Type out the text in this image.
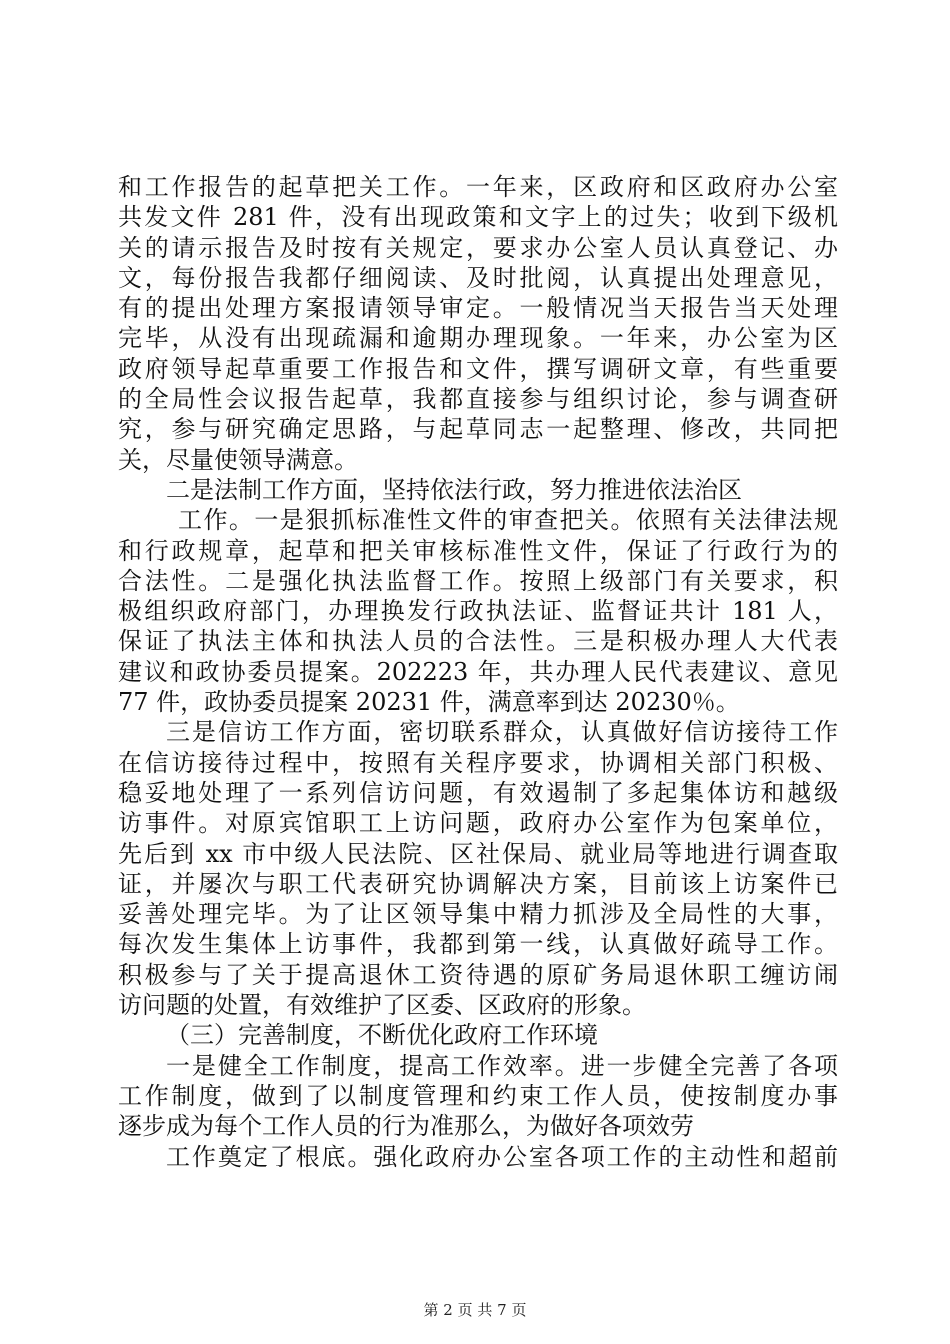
和工作报告的起草把关工作。一年来，区政府和区政府办公室
共发文件 281 件，没有出现政策和文字上的过失；收到下级机
关的请示报告及时按有关规定，要求办公室人员认真登记、办
文，每份报告我都仔细阅读、及时批阅，认真提出处理意见，
有的提出处理方案报请领导审定。一般情况当天报告当天处理
完毕，从没有出现疏漏和逾期办理现象。一年来，办公室为区
政府领导起草重要工作报告和文件，撰写调研文章，有些重要
的全局性会议报告起草，我都直接参与组织讨论，参与调查研
究，参与研究确定思路，与起草同志一起整理、修改，共同把
关，尽量使领导满意。
二是法制工作方面，坚持依法行政，努力推进依法治区
工作。一是狠抓标准性文件的审查把关。依照有关法律法规
和行政规章，起草和把关审核标准性文件，保证了行政行为的
合法性。二是强化执法监督工作。按照上级部门有关要求，积
极组织政府部门，办理换发行政执法证、监督证共计 181 人，
保证了执法主体和执法人员的合法性。三是积极办理人大代表
建议和政协委员提案。202223 年，共办理人民代表建议、意见
77 件，政协委员提案 20231 件，满意率到达 20230％。
三是信访工作方面，密切联系群众，认真做好信访接待工作
在信访接待过程中，按照有关程序要求，协调相关部门积极、
稳妥地处理了一系列信访问题，有效遏制了多起集体访和越级
访事件。对原宾馆职工上访问题，政府办公室作为包案单位，
先后到 xx 市中级人民法院、区社保局、就业局等地进行调查取
证，并屡次与职工代表研究协调解决方案，目前该上访案件已
妥善处理完毕。为了让区领导集中精力抓涉及全局性的大事，
每次发生集体上访事件，我都到第一线，认真做好疏导工作。
积极参与了关于提高退休工资待遇的原矿务局退休职工缠访闹
访问题的处置，有效维护了区委、区政府的形象。
（三）完善制度，不断优化政府工作环境
一是健全工作制度，提高工作效率。进一步健全完善了各项
工作制度，做到了以制度管理和约束工作人员，使按制度办事
逐步成为每个工作人员的行为准那么，为做好各项效劳
工作奠定了根底。强化政府办公室各项工作的主动性和超前
第 2 页 共 7 页
